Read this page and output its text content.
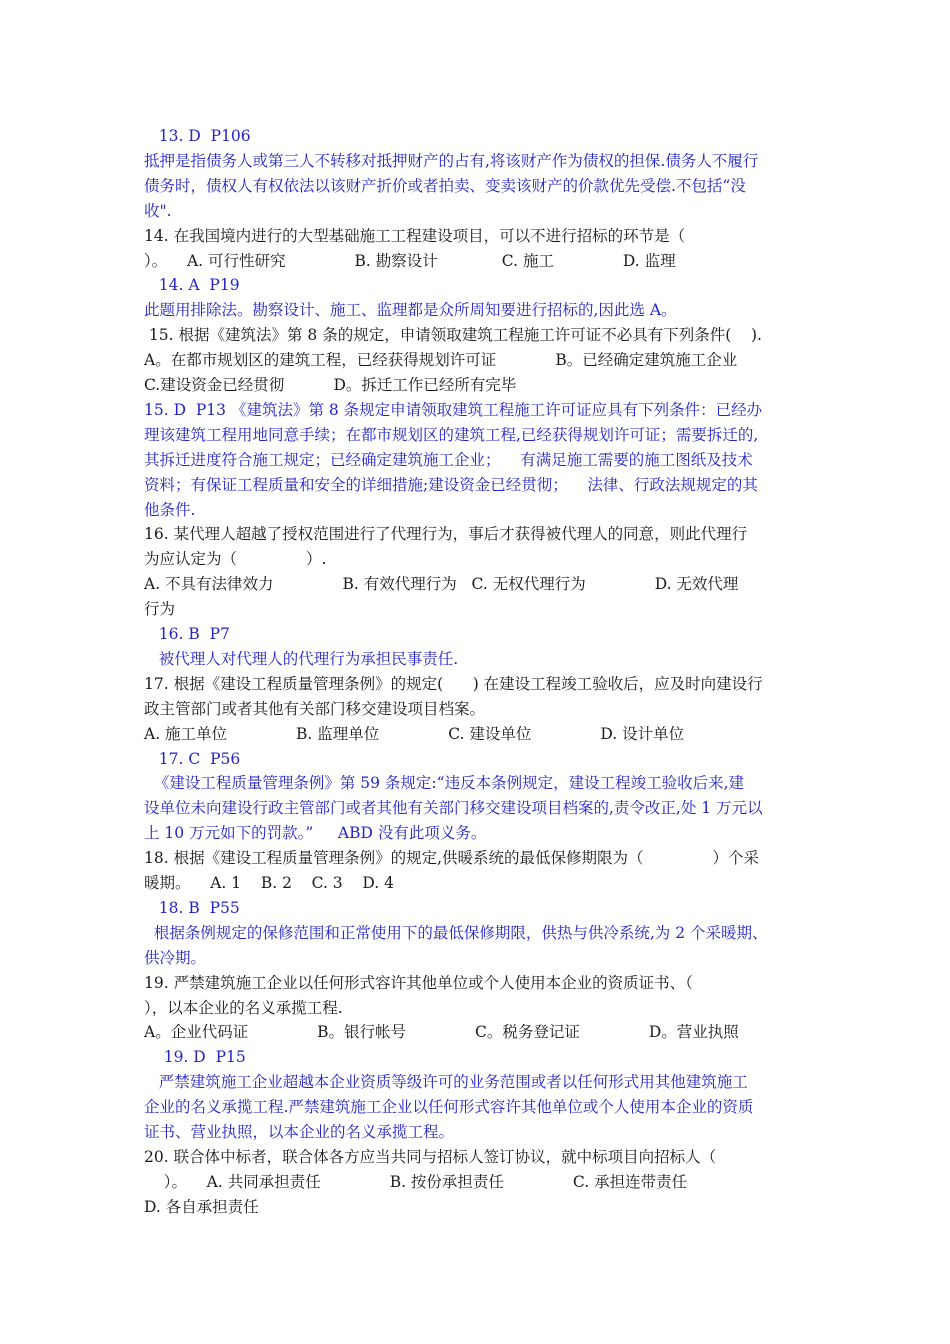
13. D  P106
抵押是指债务人或第三人不转移对抵押财产的占有,将该财产作为债权的担保.债务人不履行
债务时，债权人有权依法以该财产折价或者拍卖、变卖该财产的价款优先受偿.不包括“没
收".
14. 在我国境内进行的大型基础施工工程建设项目，可以不进行招标的环节是（
）。    A. 可行性研究              B. 勘察设计             C. 施工              D. 监理
14. A  P19
此题用排除法。勘察设计、施工、监理都是众所周知要进行招标的,因此选 A。
15. 根据《建筑法》第 8 条的规定，申请领取建筑工程施工许可证不必具有下列条件(    ).
A。在都市规划区的建筑工程，已经获得规划许可证            B。已经确定建筑施工企业
C.建设资金已经贯彻          D。拆迁工作已经所有完毕
15. D  P13 《建筑法》第 8 条规定申请领取建筑工程施工许可证应具有下列条件：已经办
理该建筑工程用地同意手续；在都市规划区的建筑工程,已经获得规划许可证；需要拆迁的,
其拆迁进度符合施工规定；已经确定建筑施工企业；    有满足施工需要的施工图纸及技术
资料；有保证工程质量和安全的详细措施;建设资金已经贯彻；    法律、行政法规规定的其
他条件.
16. 某代理人超越了授权范围进行了代理行为，事后才获得被代理人的同意，则此代理行
为应认定为（              ）.
A. 不具有法律效力              B. 有效代理行为   C. 无权代理行为              D. 无效代理
行为
16. B  P7
被代理人对代理人的代理行为承担民事责任.
17. 根据《建设工程质量管理条例》的规定(      ) 在建设工程竣工验收后，应及时向建设行
政主管部门或者其他有关部门移交建设项目档案。
A. 施工单位              B. 监理单位              C. 建设单位              D. 设计单位
17. C  P56
《建设工程质量管理条例》第 59 条规定:“违反本条例规定，建设工程竣工验收后来,建
设单位未向建设行政主管部门或者其他有关部门移交建设项目档案的,责令改正,处 1 万元以
上 10 万元如下的罚款。”     ABD 没有此项义务。
18. 根据《建设工程质量管理条例》的规定,供暖系统的最低保修期限为（              ）个采
暖期。    A. 1    B. 2    C. 3    D. 4
18. B  P55
根据条例规定的保修范围和正常使用下的最低保修期限，供热与供冷系统,为 2 个采暖期、
供冷期。
19. 严禁建筑施工企业以任何形式容许其他单位或个人使用本企业的资质证书、（
），以本企业的名义承揽工程.
A。企业代码证              B。银行帐号              C。税务登记证              D。营业执照
19. D  P15
严禁建筑施工企业超越本企业资质等级许可的业务范围或者以任何形式用其他建筑施工
企业的名义承揽工程.严禁建筑施工企业以任何形式容许其他单位或个人使用本企业的资质
证书、营业执照，以本企业的名义承揽工程。
20. 联合体中标者，联合体各方应当共同与招标人签订协议，就中标项目向招标人（
）。    A. 共同承担责任              B. 按份承担责任              C. 承担连带责任
D. 各自承担责任
